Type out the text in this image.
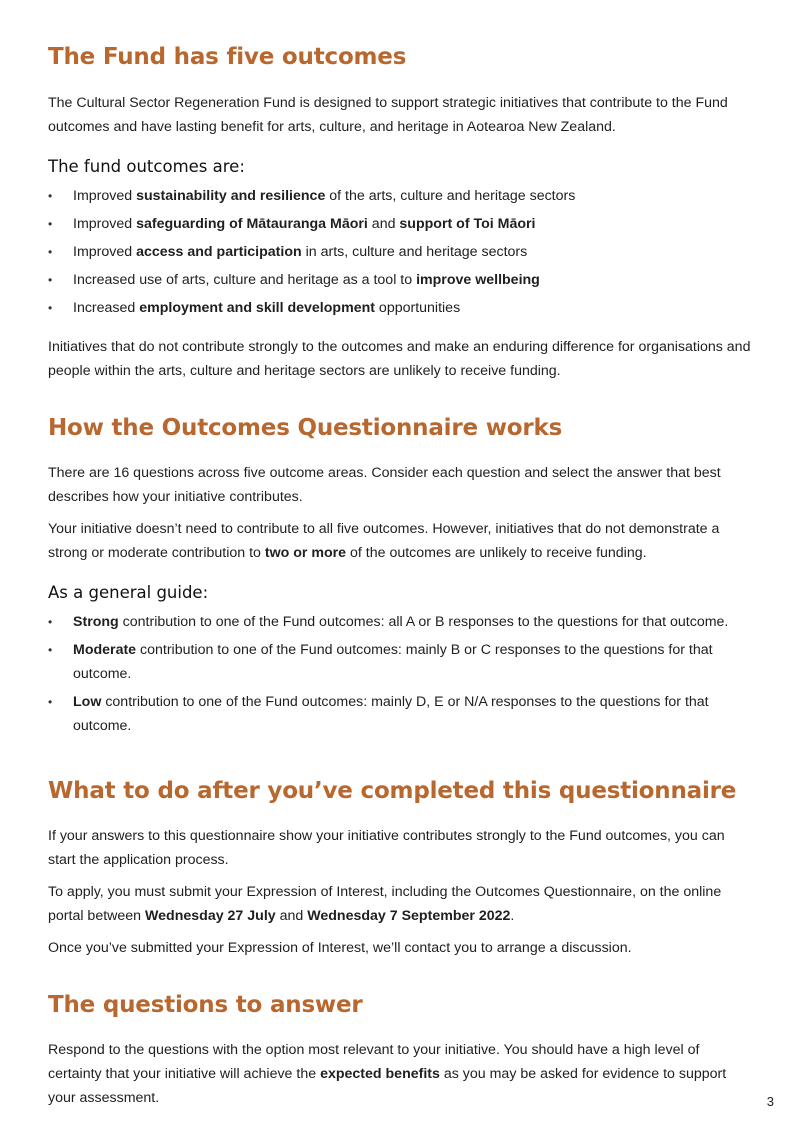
The Fund has five outcomes

The Cultural Sector Regeneration Fund is designed to support strategic initiatives that contribute to the Fund outcomes and have lasting benefit for arts, culture, and heritage in Aotearoa New Zealand.

The fund outcomes are:
• Improved sustainability and resilience of the arts, culture and heritage sectors
• Improved safeguarding of Mātauranga Māori and support of Toi Māori
• Improved access and participation in arts, culture and heritage sectors
• Increased use of arts, culture and heritage as a tool to improve wellbeing
• Increased employment and skill development opportunities

Initiatives that do not contribute strongly to the outcomes and make an enduring difference for organisations and people within the arts, culture and heritage sectors are unlikely to receive funding.

How the Outcomes Questionnaire works

There are 16 questions across five outcome areas. Consider each question and select the answer that best describes how your initiative contributes.

Your initiative doesn’t need to contribute to all five outcomes. However, initiatives that do not demonstrate a strong or moderate contribution to two or more of the outcomes are unlikely to receive funding.

As a general guide:
• Strong contribution to one of the Fund outcomes: all A or B responses to the questions for that outcome.
• Moderate contribution to one of the Fund outcomes: mainly B or C responses to the questions for that outcome.
• Low contribution to one of the Fund outcomes: mainly D, E or N/A responses to the questions for that outcome.
What to do after you’ve completed this questionnaire

If your answers to this questionnaire show your initiative contributes strongly to the Fund outcomes, you can start the application process.

To apply, you must submit your Expression of Interest, including the Outcomes Questionnaire, on the online portal between Wednesday 27 July and Wednesday 7 September 2022.

Once you’ve submitted your Expression of Interest, we’ll contact you to arrange a discussion.

The questions to answer

Respond to the questions with the option most relevant to your initiative. You should have a high level of certainty that your initiative will achieve the expected benefits as you may be asked for evidence to support your assessment.	3
